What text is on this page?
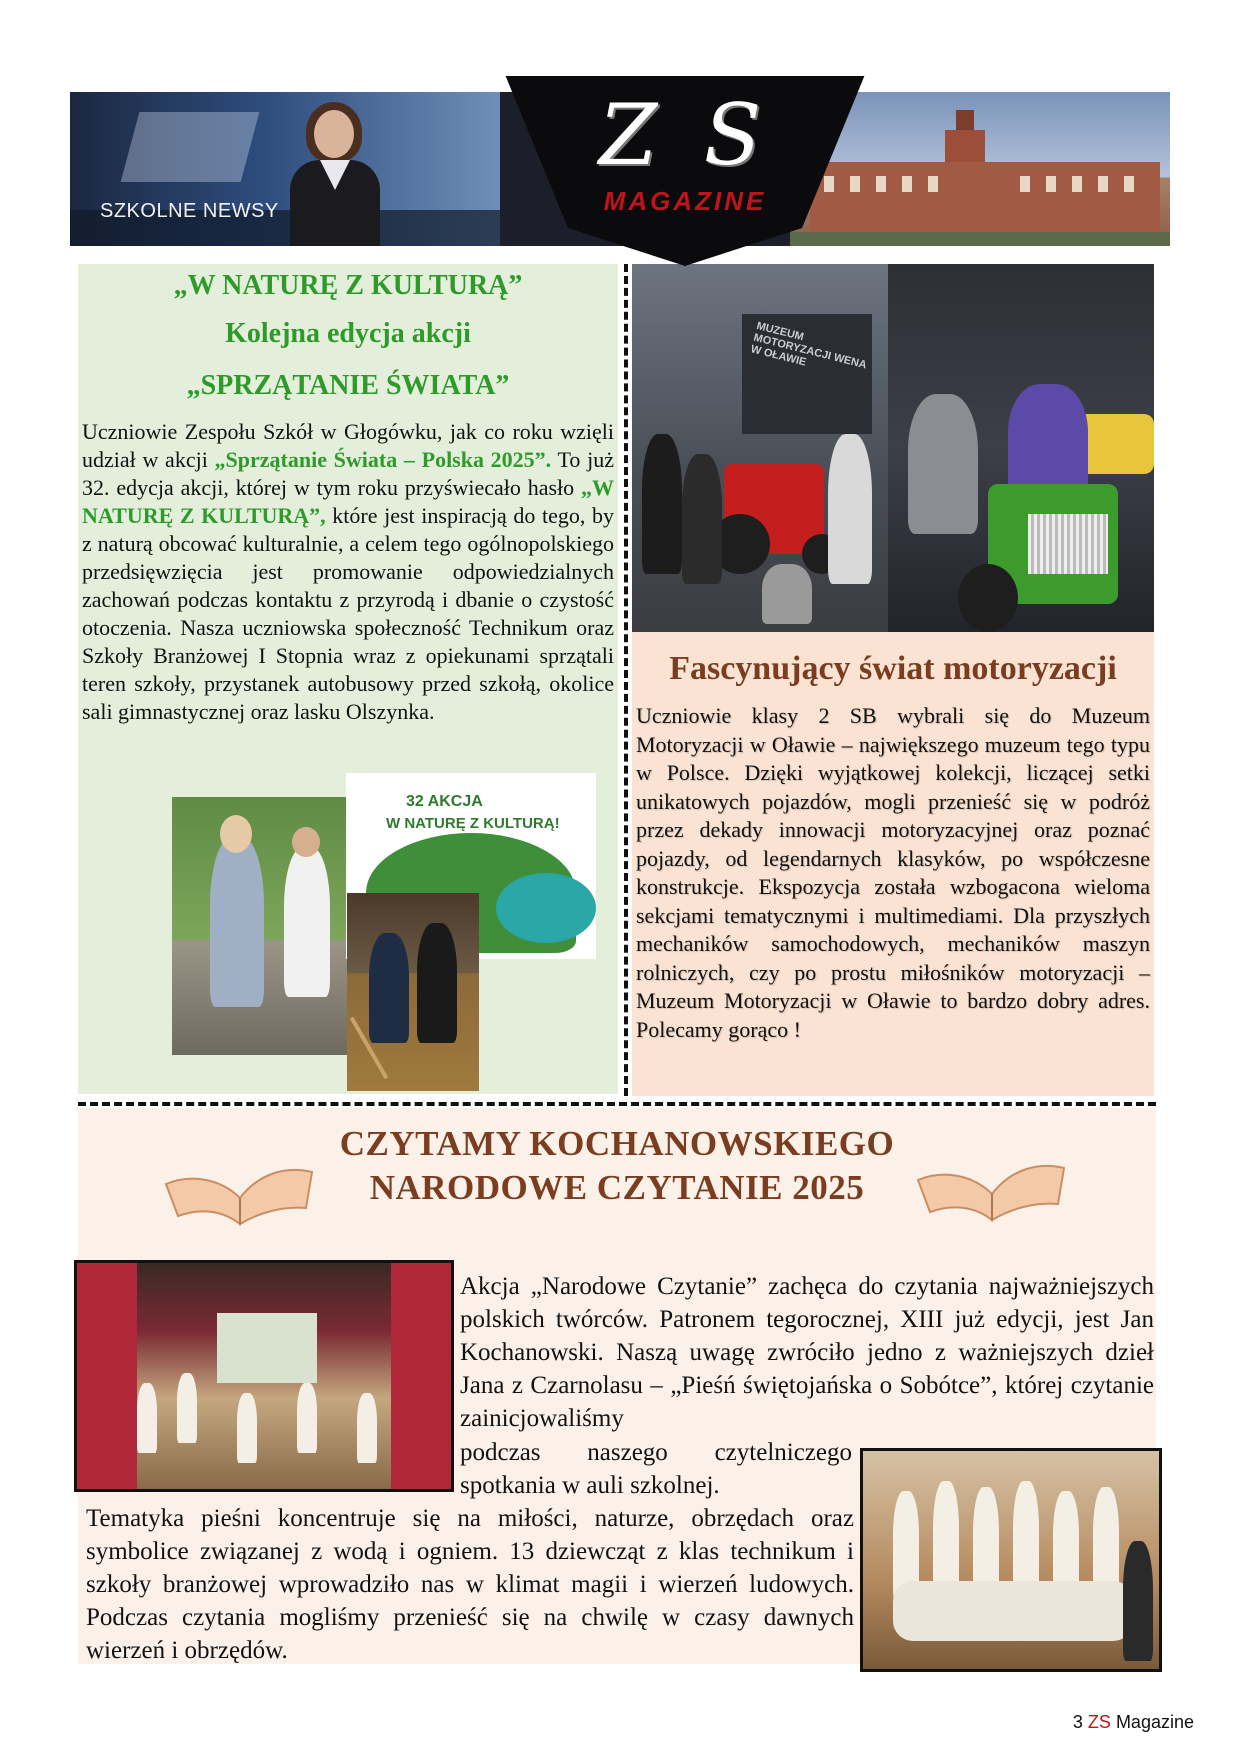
SZKOLNE NEWSY
Z S
MAGAZINE
„W NATURĘ Z KULTURĄ”
Kolejna edycja akcji
„SPRZĄTANIE ŚWIATA”
Uczniowie Zespołu Szkół w Głogówku, jak co roku wzięli udział w akcji „Sprzątanie Świata – Polska 2025”. To już 32. edycja akcji, której w tym roku przyświecało hasło „W NATURĘ Z KULTURĄ”, które jest inspiracją do tego, by z naturą obcować kulturalnie, a celem tego ogólnopolskiego przedsięwzięcia jest promowanie odpowiedzialnych zachowań podczas kontaktu z przyrodą i dbanie o czystość otoczenia. Nasza uczniowska społeczność Technikum oraz Szkoły Branżowej I Stopnia wraz z opiekunami sprzątali teren szkoły, przystanek autobusowy przed szkołą, okolice sali gimnastycznej oraz lasku Olszynka.
32 AKCJA
W NATURĘ Z KULTURĄ!
MUZEUM MOTORYZACJI WENA W OŁAWIE
Fascynujący świat motoryzacji
Uczniowie klasy 2 SB wybrali się do Muzeum Motoryzacji w Oławie – największego muzeum tego typu w Polsce. Dzięki wyjątkowej kolekcji, liczącej setki unikatowych pojazdów, mogli przenieść się w podróż przez dekady innowacji motoryzacyjnej oraz poznać pojazdy, od legendarnych klasyków, po współczesne konstrukcje. Ekspozycja została wzbogacona wieloma sekcjami tematycznymi i multimediami. Dla przyszłych mechaników samochodowych, mechaników maszyn rolniczych, czy po prostu miłośników motoryzacji – Muzeum Motoryzacji w Oławie to bardzo dobry adres. Polecamy gorąco !
CZYTAMY KOCHANOWSKIEGO
NARODOWE CZYTANIE 2025
Akcja „Narodowe Czytanie” zachęca do czytania najważniejszych polskich twórców. Patronem tegorocznej, XIII już edycji, jest Jan Kochanowski. Naszą uwagę zwróciło jedno z ważniejszych dzieł Jana z Czarnolasu – „Pieśń świętojańska o Sobótce”, której czytanie zainicjowaliśmy
podczas naszego czytelniczego spotkania w auli szkolnej.
Tematyka pieśni koncentruje się na miłości, naturze, obrzędach oraz symbolice związanej z wodą i ogniem. 13 dziewcząt z klas technikum i szkoły branżowej wprowadziło nas w klimat magii i wierzeń ludowych. Podczas czytania mogliśmy przenieść się na chwilę w czasy dawnych wierzeń i obrzędów.
3 ZS Magazine
